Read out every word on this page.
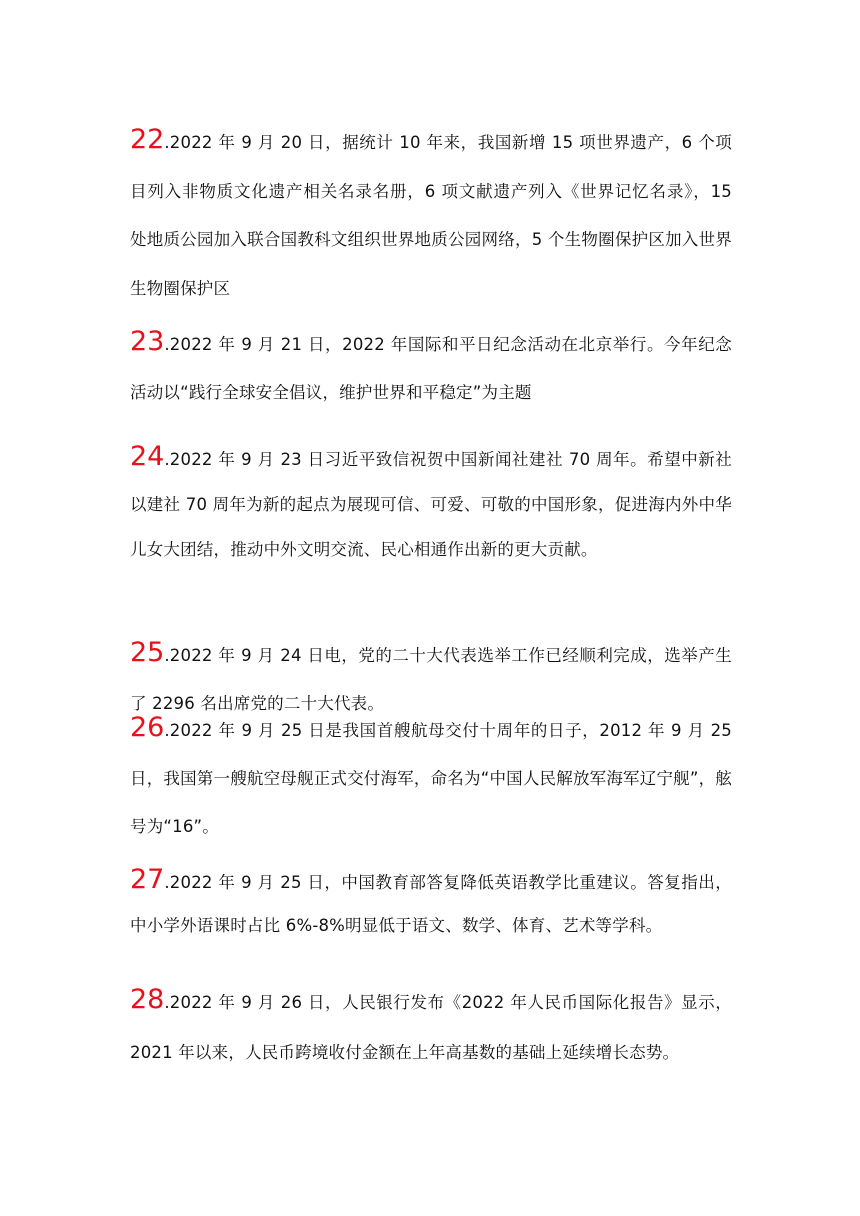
22.2022 年 9 月 20 日，据统计 10 年来，我国新增 15 项世界遗产，6 个项目列入非物质文化遗产相关名录名册，6 项文献遗产列入《世界记忆名录》，15 处地质公园加入联合国教科文组织世界地质公园网络，5 个生物圈保护区加入世界生物圈保护区

23.2022 年 9 月 21 日，2022 年国际和平日纪念活动在北京举行。今年纪念活动以“践行全球安全倡议，维护世界和平稳定”为主题

24.2022 年 9 月 23 日习近平致信祝贺中国新闻社建社 70 周年。希望中新社以建社 70 周年为新的起点为展现可信、可爱、可敬的中国形象，促进海内外中华儿女大团结，推动中外文明交流、民心相通作出新的更大贡献。

25.2022 年 9 月 24 日电，党的二十大代表选举工作已经顺利完成，选举产生了 2296 名出席党的二十大代表。

26.2022 年 9 月 25 日是我国首艘航母交付十周年的日子，2012 年 9 月 25 日，我国第一艘航空母舰正式交付海军，命名为“中国人民解放军海军辽宁舰”，舷号为“16”。

27.2022 年 9 月 25 日，中国教育部答复降低英语教学比重建议。答复指出，中小学外语课时占比 6%-8%明显低于语文、数学、体育、艺术等学科。

28.2022 年 9 月 26 日，人民银行发布《2022 年人民币国际化报告》显示，2021 年以来，人民币跨境收付金额在上年高基数的基础上延续增长态势。
